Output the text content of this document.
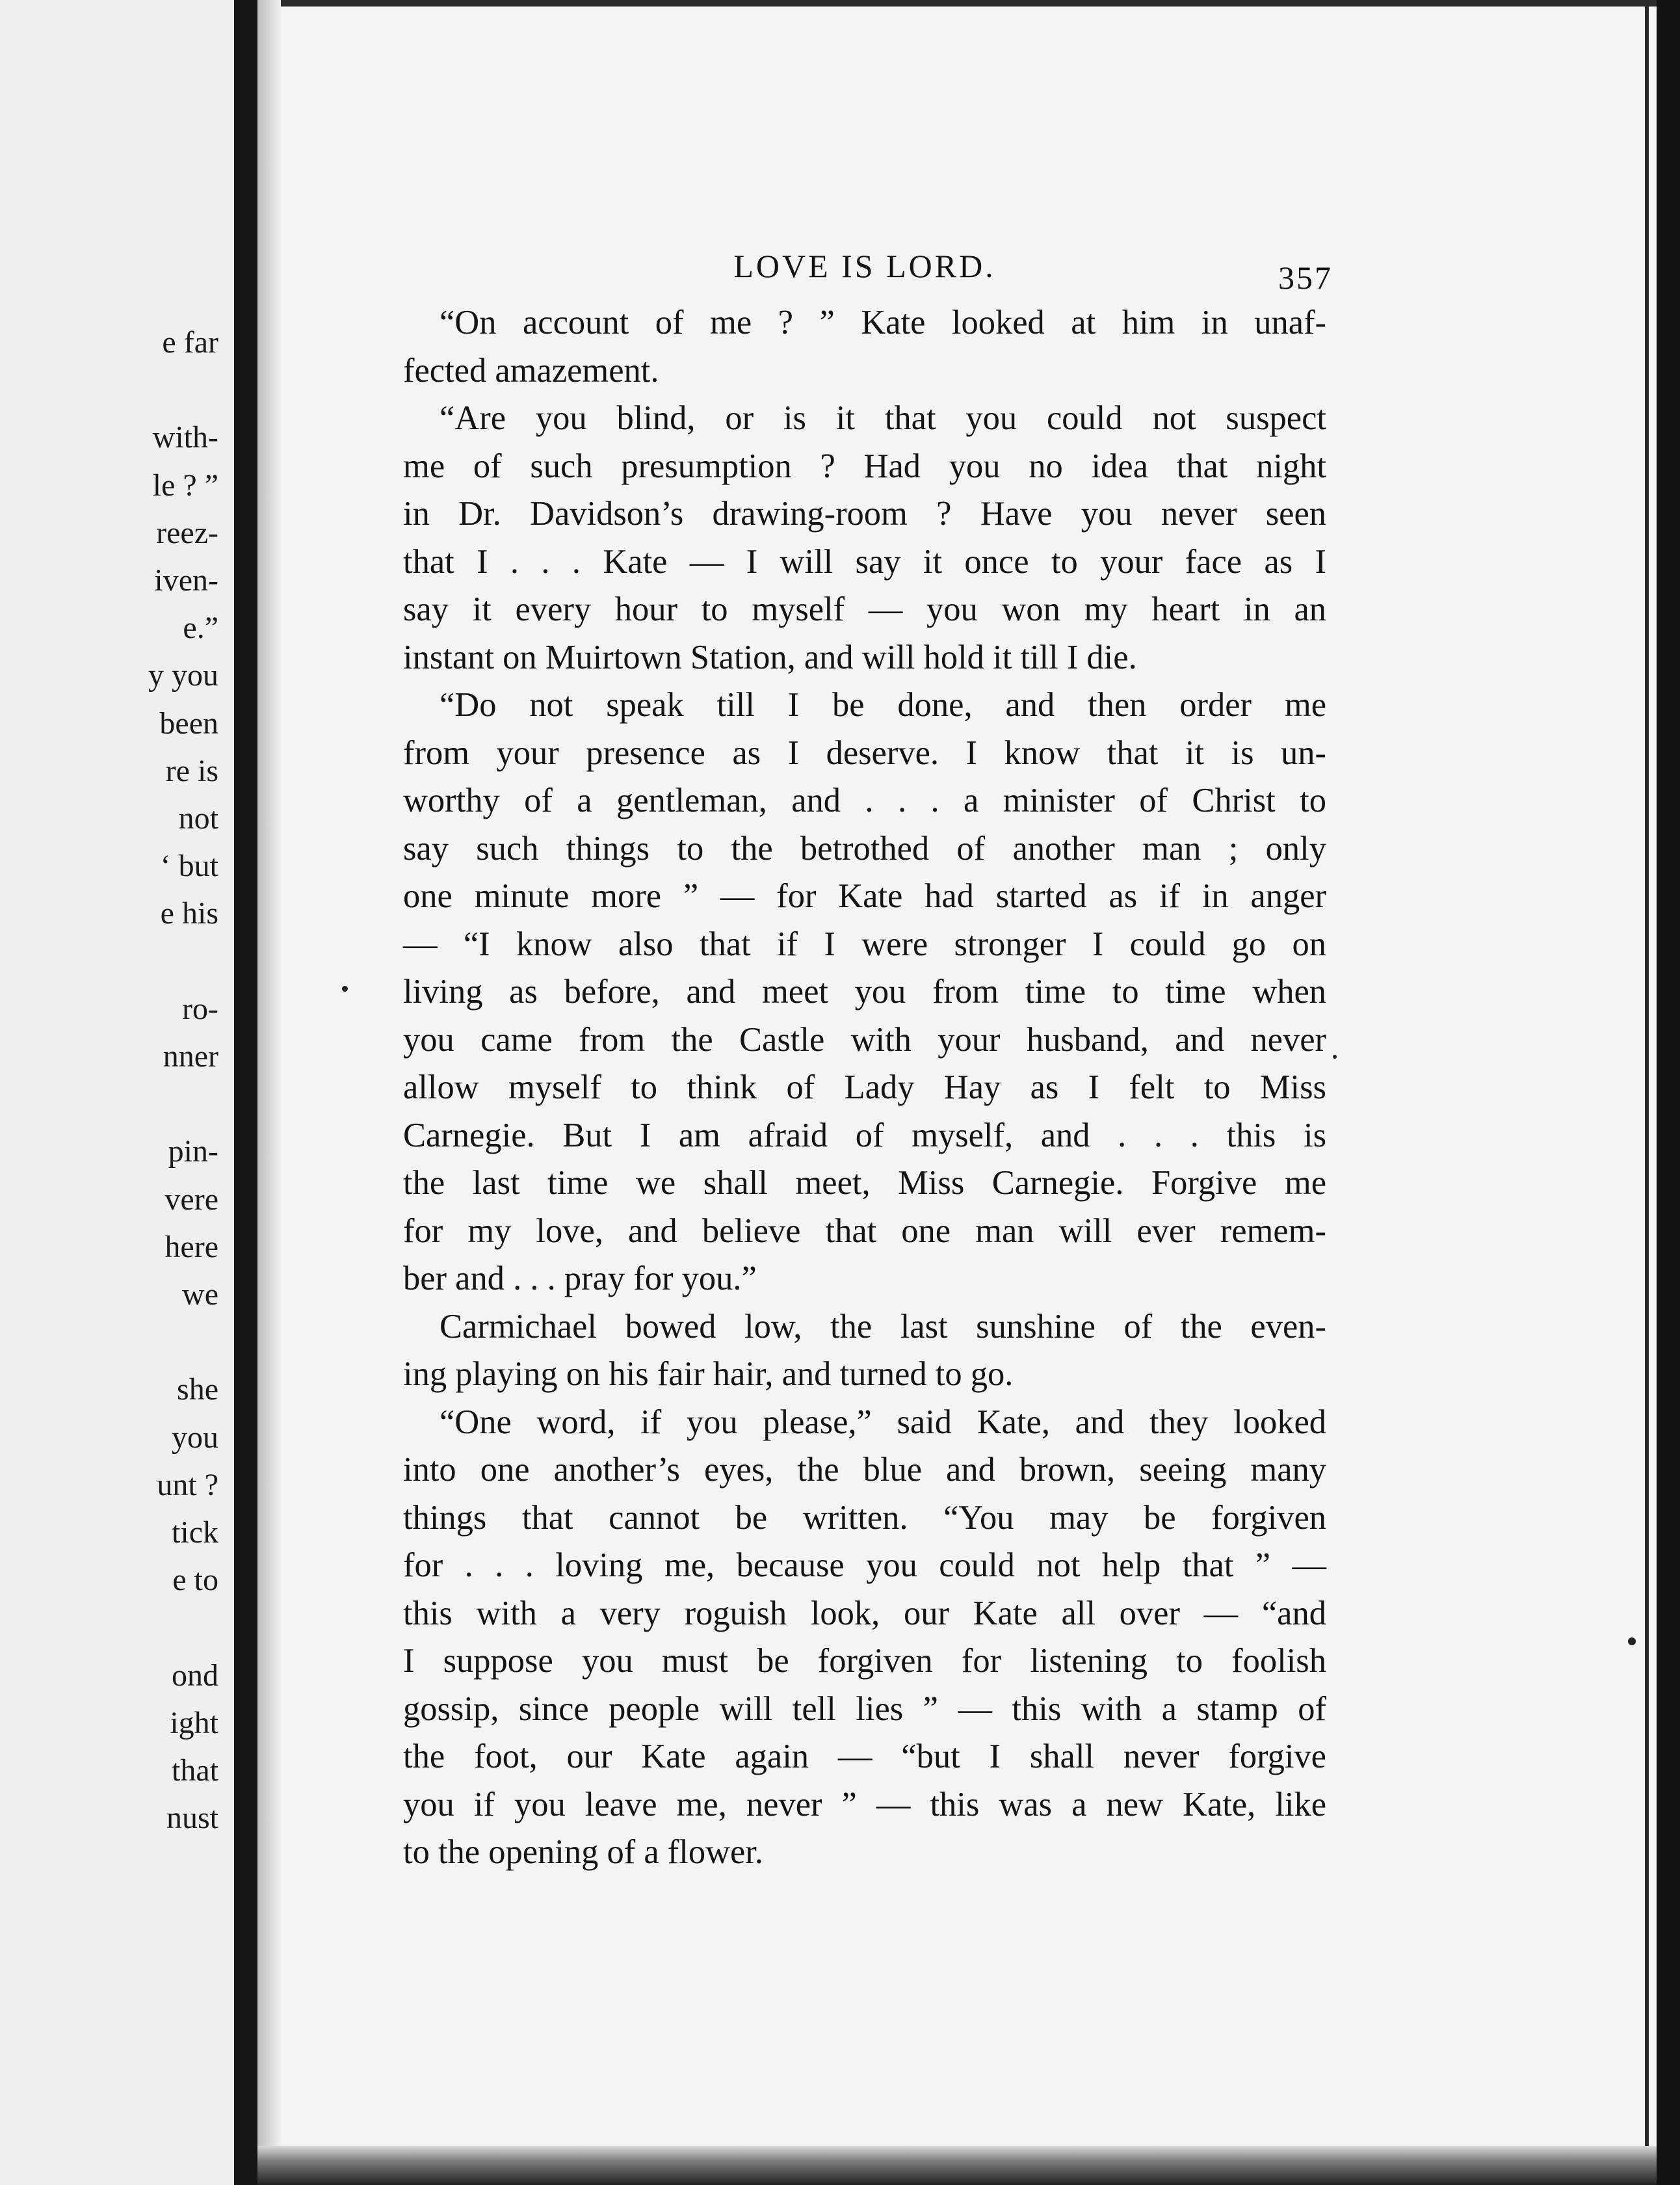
e far
with-
le ? ”
reez-
iven-
e.”
y you
been
re is
not
‘ but
e his
ro-
nner
pin-
vere
here
we
she
you
unt ?
tick
e to
ond
ight
that
nust
LOVE IS LORD.	357
“On account of me ? ” Kate looked at him in unaf-
fected amazement.
“Are you blind, or is it that you could not suspect
me of such presumption ? Had you no idea that night
in Dr. Davidson’s drawing-room ? Have you never seen
that I . . . Kate — I will say it once to your face as I
say it every hour to myself — you won my heart in an
instant on Muirtown Station, and will hold it till I die.
“Do not speak till I be done, and then order me
from your presence as I deserve. I know that it is un-
worthy of a gentleman, and . . . a minister of Christ to
say such things to the betrothed of another man ; only
one minute more ” — for Kate had started as if in anger
— “I know also that if I were stronger I could go on
living as before, and meet you from time to time when
you came from the Castle with your husband, and never
allow myself to think of Lady Hay as I felt to Miss
Carnegie. But I am afraid of myself, and . . . this is
the last time we shall meet, Miss Carnegie. Forgive me
for my love, and believe that one man will ever remem-
ber and . . . pray for you.”
Carmichael bowed low, the last sunshine of the even-
ing playing on his fair hair, and turned to go.
“One word, if you please,” said Kate, and they looked
into one another’s eyes, the blue and brown, seeing many
things that cannot be written. “You may be forgiven
for . . . loving me, because you could not help that ” —
this with a very roguish look, our Kate all over — “and
I suppose you must be forgiven for listening to foolish
gossip, since people will tell lies ” — this with a stamp of
the foot, our Kate again — “but I shall never forgive
you if you leave me, never ” — this was a new Kate, like
to the opening of a flower.
